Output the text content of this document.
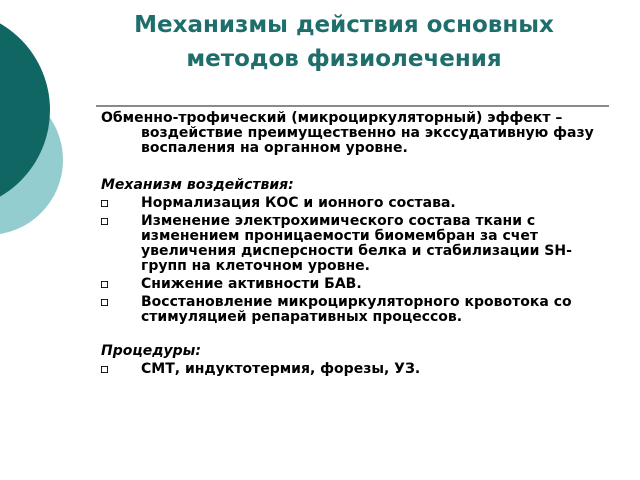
Механизмы действия основных
методов физиолечения

Обменно-трофический (микроциркуляторный) эффект – воздействие преимущественно на экссудативную фазу воспаления на органном уровне.

Механизм воздействия:

Нормализация КОС и ионного состава.
Изменение электрохимического состава ткани с изменением проницаемости биомембран за счет увеличения дисперсности белка и стабилизации SH-групп на клеточном уровне.
Снижение активности БАВ.
Восстановление микроциркуляторного кровотока со стимуляцией репаративных процессов.

Процедуры:

СМТ, индуктотермия, форезы, УЗ.
